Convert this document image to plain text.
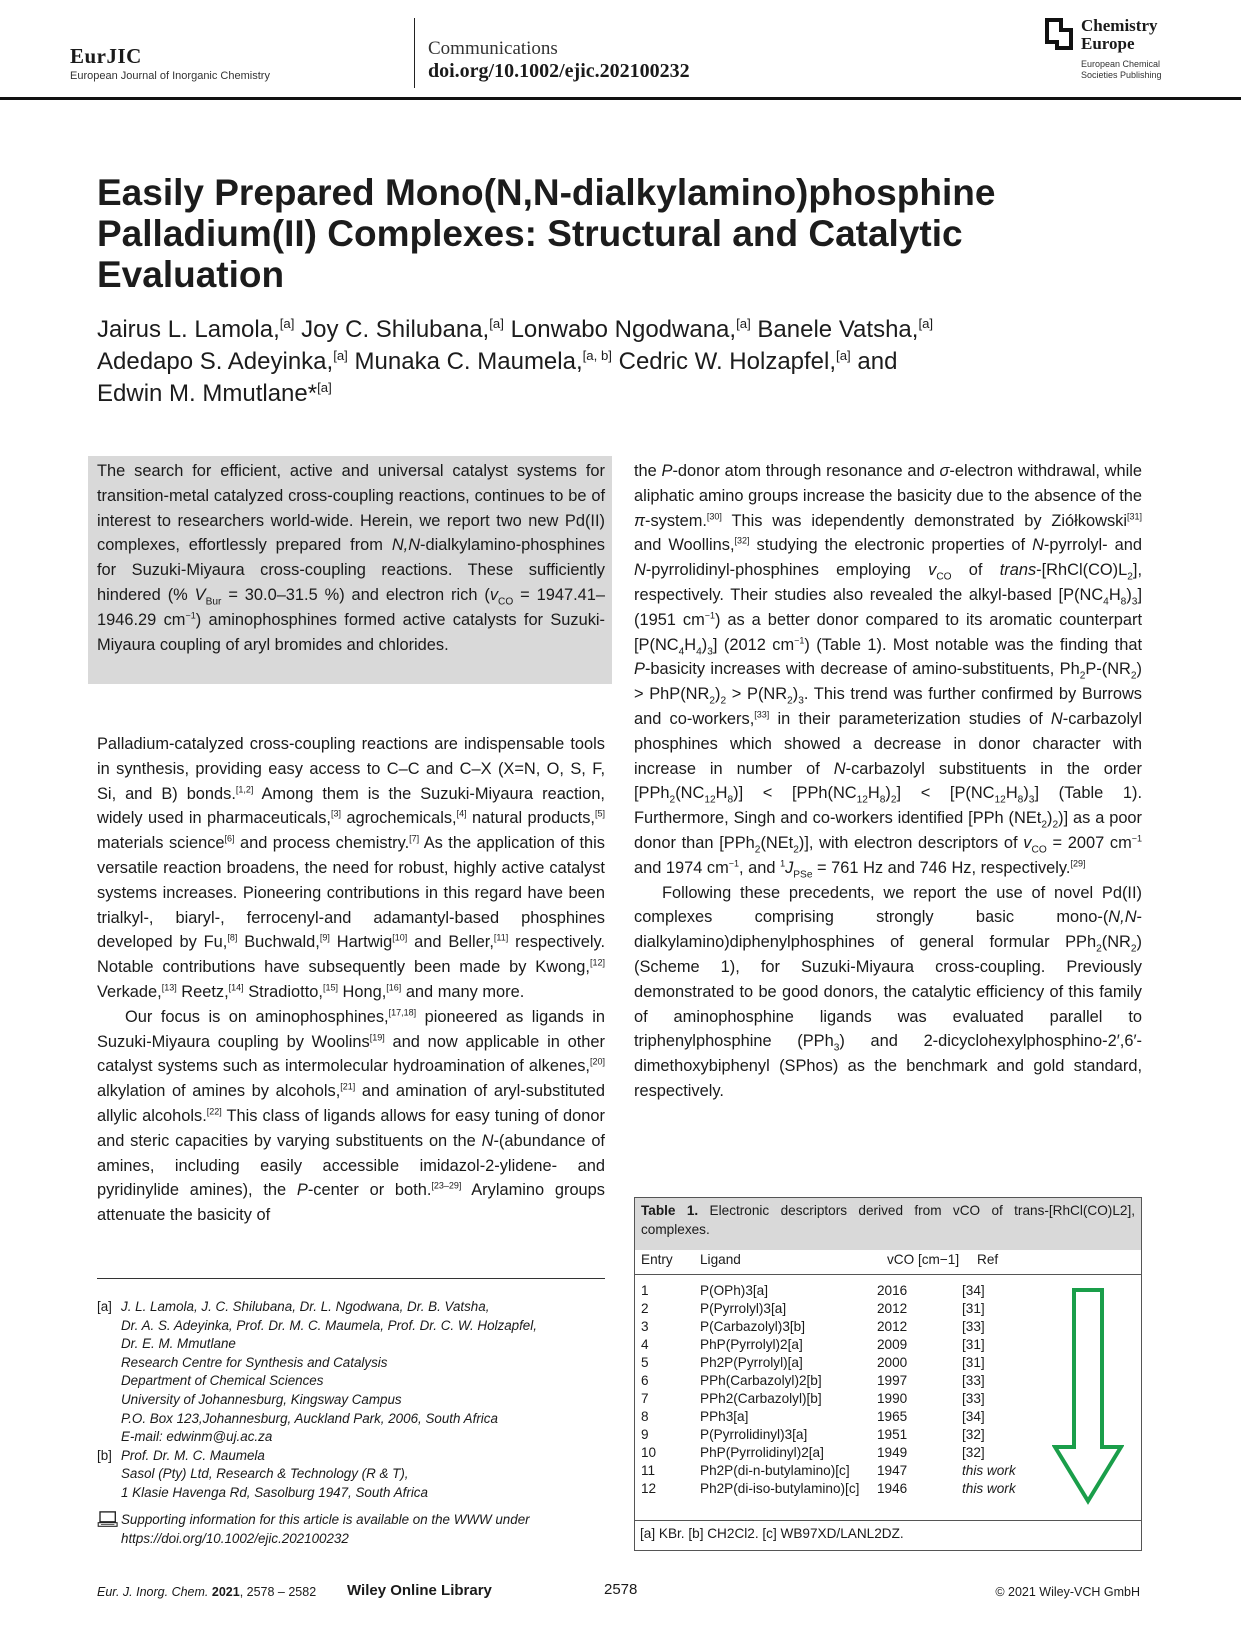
EurJIC
European Journal of Inorganic Chemistry
Communications
doi.org/10.1002/ejic.202100232
Chemistry Europe
European Chemical
Societies Publishing
Easily Prepared Mono(N,N-dialkylamino)phosphine Palladium(II) Complexes: Structural and Catalytic Evaluation
Jairus L. Lamola,[a] Joy C. Shilubana,[a] Lonwabo Ngodwana,[a] Banele Vatsha,[a]
Adedapo S. Adeyinka,[a] Munaka C. Maumela,[a, b] Cedric W. Holzapfel,[a] and
Edwin M. Mmutlane*[a]

The search for efficient, active and universal catalyst systems for transition-metal catalyzed cross-coupling reactions, continues to be of interest to researchers world-wide. Herein, we report two new Pd(II) complexes, effortlessly prepared from N,N-dialkylamino-phosphines for Suzuki-Miyaura cross-coupling reactions. These sufficiently hindered (% $V_{Bur} = 30.0-31.5$ %) and electron rich ($v_{CO} = 1947.41-1946.29$ $cm^{-1}$) aminophosphines formed active catalysts for Suzuki-Miyaura coupling of aryl bromides and chlorides.

Palladium-catalyzed cross-coupling reactions are indispensable tools in synthesis, providing easy access to C–C and C–X (X=N, O, S, F, Si, and B) bonds.[1,2] Among them is the Suzuki-Miyaura reaction, widely used in pharmaceuticals,[3] agrochemicals,[4] natural products,[5] materials science[6] and process chemistry.[7] As the application of this versatile reaction broadens, the need for robust, highly active catalyst systems increases. Pioneering contributions in this regard have been trialkyl-, biaryl-, ferrocenyl-and adamantyl-based phosphines developed by Fu,[8] Buchwald,[9] Hartwig[10] and Beller,[11] respectively. Notable contributions have subsequently been made by Kwong,[12] Verkade,[13] Reetz,[14] Stradiotto,[15] Hong,[16] and many more.

Our focus is on aminophosphines,[17,18] pioneered as ligands in Suzuki-Miyaura coupling by Woolins[19] and now applicable in other catalyst systems such as intermolecular hydroamination of alkenes,[20] alkylation of amines by alcohols,[21] and amination of aryl-substituted allylic alcohols.[22] This class of ligands allows for easy tuning of donor and steric capacities by varying substituents on the N-(abundance of amines, including easily accessible imidazol-2-ylidene- and pyridinylide amines), the P-center or both.[23–29] Arylamino groups attenuate the basicity of

the P-donor atom through resonance and σ-electron withdrawal, while aliphatic amino groups increase the basicity due to the absence of the π-system.[30] This was idependently demonstrated by Ziółkowski[31] and Woollins,[32] studying the electronic properties of N-pyrrolyl- and N-pyrrolidinyl-phosphines employing $v_{CO}$ of trans-$[RhCl(CO)L_2]$, respectively. Their studies also revealed the alkyl-based $[P(NC_4H_8)_3]$ (1951 $cm^{-1}$) as a better donor compared to its aromatic counterpart $[P(NC_4H_4)_3]$ (2012 $cm^{-1}$) (Table 1). Most notable was the finding that P-basicity increases with decrease of amino-substituents, $Ph_2P-(NR_2) > PhP(NR_2)_2 > P(NR_2)_3$. This trend was further confirmed by Burrows and co-workers,[33] in their parameterization studies of N-carbazolyl phosphines which showed a decrease in donor character with increase in number of N-carbazolyl substituents in the order $[PPh_2(NC_{12}H_8)] < [PPh(NC_{12}H_8)_2] < [P(NC_{12}H_8)_3]$ (Table 1). Furthermore, Singh and co-workers identified [PPh $(NEt_2)_2$)] as a poor donor than [PPh$_2$(NEt$_2$)], with electron descriptors of $v_{CO} = 2007$ $cm^{-1}$ and 1974 $cm^{-1}$, and $^1J_{PSe} = 761$ Hz and 746 Hz, respectively.[29]

Following these precedents, we report the use of novel Pd(II) complexes comprising strongly basic mono-(N,N-dialkylamino)diphenylphosphines of general formular $PPh_2(NR_2)$ (Scheme 1), for Suzuki-Miyaura cross-coupling. Previously demonstrated to be good donors, the catalytic efficiency of this family of aminophosphine ligands was evaluated parallel to triphenylphosphine (PPh$_3$) and 2-dicyclohexylphosphino-2′,6′-dimethoxybiphenyl (SPhos) as the benchmark and gold standard, respectively.

[a] J. L. Lamola, J. C. Shilubana, Dr. L. Ngodwana, Dr. B. Vatsha,
Dr. A. S. Adeyinka, Prof. Dr. M. C. Maumela, Prof. Dr. C. W. Holzapfel,
Dr. E. M. Mmutlane
Research Centre for Synthesis and Catalysis
Department of Chemical Sciences
University of Johannesburg, Kingsway Campus
P.O. Box 123,Johannesburg, Auckland Park, 2006, South Africa
E-mail: edwinm@uj.ac.za
[b] Prof. Dr. M. C. Maumela
Sasol (Pty) Ltd, Research & Technology (R & T),
1 Klasie Havenga Rd, Sasolburg 1947, South Africa
Supporting information for this article is available on the WWW under https://doi.org/10.1002/ejic.202100232
Table 1. Electronic descriptors derived from vCO of trans-[RhCl(CO)L2], complexes.
Entry Ligand	vCO [cm−1] Ref
1	P(OPh)3[a]	2016	[34]
2	P(Pyrrolyl)3[a]	2012	[31]
3	P(Carbazolyl)3[b]	2012	[33]
4	PhP(Pyrrolyl)2[a]	2009	[31]
5	Ph2P(Pyrrolyl)[a]	2000	[31]
6	PPh(Carbazolyl)2[b]	1997	[33]
7	PPh2(Carbazolyl)[b]	1990	[33]
8	PPh3[a]	1965	[34]
9	P(Pyrrolidinyl)3[a]	1951	[32]
10	PhP(Pyrrolidinyl)2[a]	1949	[32]
11	Ph2P(di-n-butylamino)[c] 1947	this work
12	Ph2P(di-iso-butylamino)[c] 1946	this work
[a] KBr. [b] CH2Cl2. [c] WB97XD/LANL2DZ.
Eur. J. Inorg. Chem. 2021, 2578 – 2582 Wiley Online Library	2578	© 2021 Wiley-VCH GmbH
